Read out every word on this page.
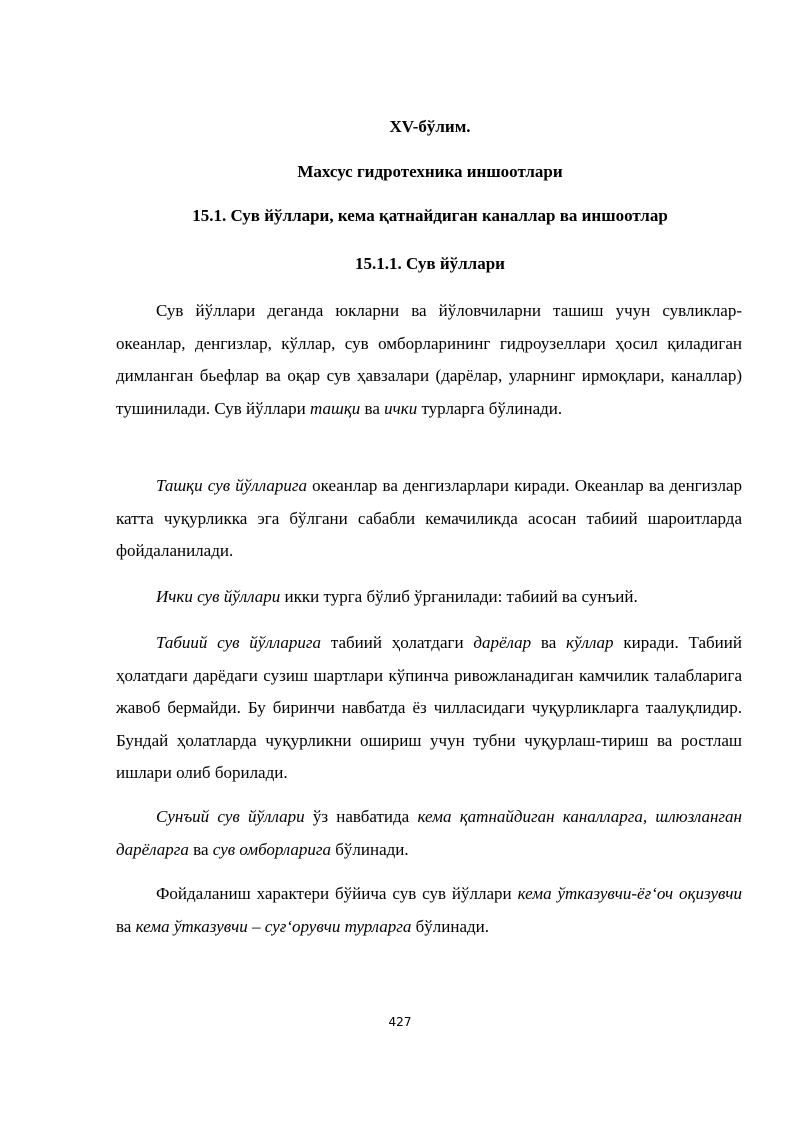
XV-бўлим.
Махсус гидротехника иншоотлари
15.1. Сув йўллари, кема қатнайдиган каналлар ва иншоотлар
15.1.1. Сув йўллари

Сув йўллари деганда юкларни ва йўловчиларни ташиш учун сувликлар-океанлар, денгизлар, кўллар, сув омборларининг гидроузеллари ҳосил қиладиган димланган бьефлар ва оқар сув ҳавзалари (дарёлар, уларнинг ирмоқлари, каналлар) тушинилади. Сув йўллари ташқи ва ички турларга бўлинади.

Ташқи сув йўлларига океанлар ва денгизларлари киради. Океанлар ва денгизлар катта чуқурликка эга бўлгани сабабли кемачиликда асосан табиий шароитларда фойдаланилади.

Ички сув йўллари икки турга бўлиб ўрганилади: табиий ва сунъий.

Табиий сув йўлларига табиий ҳолатдаги дарёлар ва кўллар киради. Табиий ҳолатдаги дарёдаги сузиш шартлари кўпинча ривожланадиган камчилик талабларига жавоб бермайди. Бу биринчи навбатда ёз чилласидаги чуқурликларга таалуқлидир. Бундай ҳолатларда чуқурликни ошириш учун тубни чуқурлаш-тириш ва ростлаш ишлари олиб борилади.

Сунъий сув йўллари ўз навбатида кема қатнайдиган каналларга, шлюзланган дарёларга ва сув омборларига бўлинади.

Фойдаланиш характери бўйича сув сув йўллари кема ўтказувчи-ёғ‘оч оқизувчи ва кема ўтказувчи – суғ‘орувчи турларга бўлинади.

427
